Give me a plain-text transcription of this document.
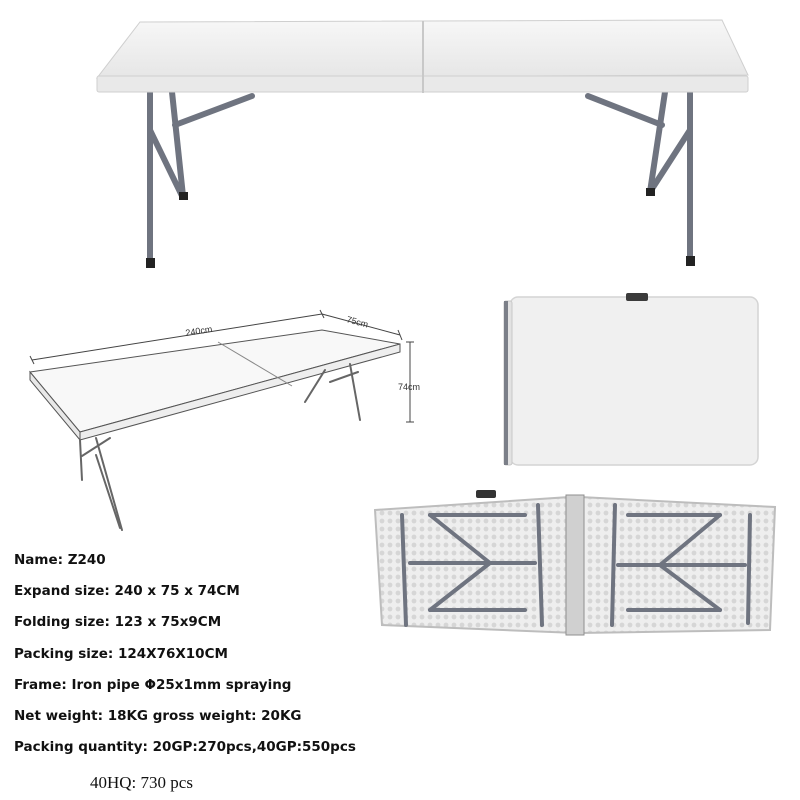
240cm
75cm
74cm
Name: Z240
Expand size: 240 x 75 x 74CM
Folding size: 123 x 75x9CM
Packing size: 124X76X10CM
Frame: Iron pipe Φ25x1mm spraying
Net weight: 18KG gross weight: 20KG
Packing quantity: 20GP:270pcs,40GP:550pcs
40HQ: 730 pcs
